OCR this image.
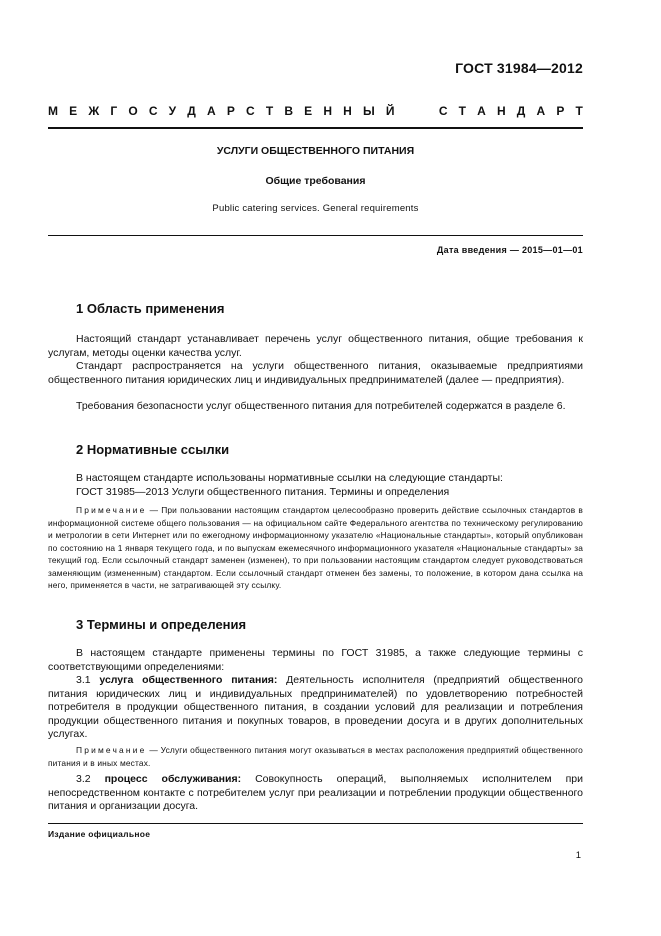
ГОСТ 31984—2012
М Е Ж Г О С У Д А Р С Т В Е Н Н Ы Й	С Т А Н Д А Р Т
УСЛУГИ ОБЩЕСТВЕННОГО ПИТАНИЯ
Общие требования
Public catering services. General requirements
Дата введения — 2015—01—01
1 Область применения
Настоящий стандарт устанавливает перечень услуг общественного питания, общие требования к услугам, методы оценки качества услуг.
Стандарт распространяется на услуги общественного питания, оказываемые предприятиями общественного питания юридических лиц и индивидуальных предпринимателей (далее — предприятия).
Требования безопасности услуг общественного питания для потребителей содержатся в разделе 6.
2 Нормативные ссылки
В настоящем стандарте использованы нормативные ссылки на следующие стандарты:
ГОСТ 31985—2013 Услуги общественного питания. Термины и определения
Примечание — При пользовании настоящим стандартом целесообразно проверить действие ссылочных стандартов в информационной системе общего пользования — на официальном сайте Федерального агентства по техническому регулированию и метрологии в сети Интернет или по ежегодному информационному указателю «Национальные стандарты», который опубликован по состоянию на 1 января текущего года, и по выпускам ежемесячного информационного указателя «Национальные стандарты» за текущий год. Если ссылочный стандарт заменен (изменен), то при пользовании настоящим стандартом следует руководствоваться заменяющим (измененным) стандартом. Если ссылочный стандарт отменен без замены, то положение, в котором дана ссылка на него, применяется в части, не затрагивающей эту ссылку.
3 Термины и определения
В настоящем стандарте применены термины по ГОСТ 31985, а также следующие термины с соответствующими определениями:
3.1 услуга общественного питания: Деятельность исполнителя (предприятий общественного питания юридических лиц и индивидуальных предпринимателей) по удовлетворению потребностей потребителя в продукции общественного питания, в создании условий для реализации и потребления продукции общественного питания и покупных товаров, в проведении досуга и в других дополнительных услугах.
Примечание — Услуги общественного питания могут оказываться в местах расположения предприятий общественного питания и в иных местах.
3.2 процесс обслуживания: Совокупность операций, выполняемых исполнителем при непосредственном контакте с потребителем услуг при реализации и потреблении продукции общественного питания и организации досуга.
Издание официальное
1
